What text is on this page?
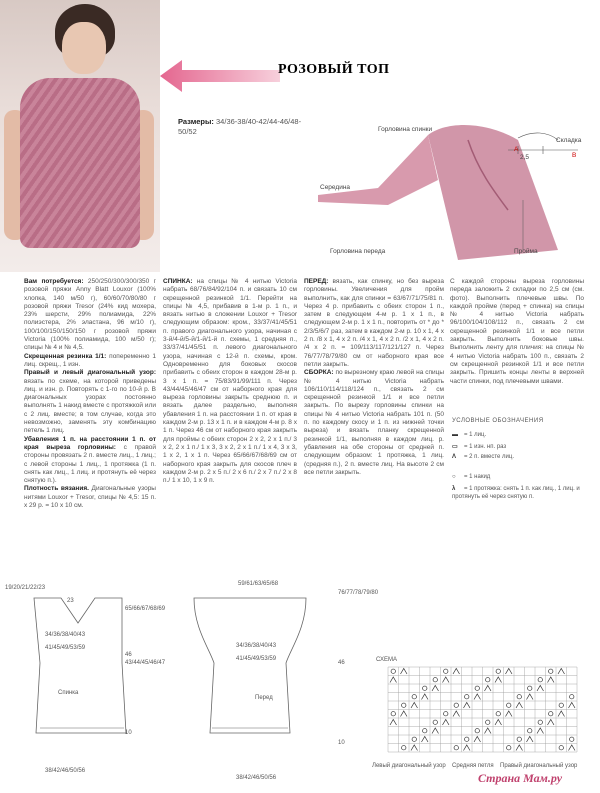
РОЗОВЫЙ ТОП
Размеры: 34/36-38/40-42/44-46/48-50/52	Горловина спинки
Складка
2,5
А
В
Середина
Горловина переда	Пройма
Вам потребуется: 250/250/300/300/350 г розовой пряжи Anny Blatt Louxor (100% хлопка, 140 м/50 г), 60/60/70/80/80 г розовой пряжи Tresor (24% кид мохера, 23% шерсти, 29% полиамида, 22% полиэстера, 2% эластана, 96 м/10 г), 100/100/150/150/150 г розовой пряжи Victoria (100% полиамида, 100 м/50 г); спицы № 4 и № 4,5.
Скрещенная резинка 1/1: попеременно 1 лиц. скрещ., 1 изн.
Правый и левый диагональный узор: вязать по схеме, на которой приведены лиц. и изн. р. Повторять с 1-го по 10-й р. В диагональных узорах постоянно выполнять 1 накид вместе с протяжкой или с 2 лиц. вместе; в том случае, когда это невозможно, заменять эту комбинацию петель 1 лиц.
Убавления 1 п. на расстоянии 1 п. от края выреза горловины: с правой стороны провязать 2 п. вместе лиц., 1 лиц.; с левой стороны 1 лиц., 1 протяжка (1 п. снять как лиц., 1 лиц. и протянуть её через снятую п.).
Плотность вязания. Диагональные узоры нитями Louxor + Tresor, спицы № 4,5: 15 п. х 29 р. = 10 х 10 см.
СПИНКА: на спицы № 4 нитью Victoria набрать 68/76/84/92/104 п. и связать 10 см скрещенной резинкой 1/1. Перейти на спицы № 4,5, прибавив в 1-м р. 1 п., и вязать нитью в сложении Louxor + Tresor следующим образом: кром., 33/37/41/45/51 п. правого диагонального узора, начиная с 3-й/4-й/5-й/1-й/1-й п. схемы, 1 средняя п., 33/37/41/45/51 п. левого диагонального узора, начиная с 12-й п. схемы, кром. Одновременно для боковых скосов прибавить с обеих сторон в каждом 28-м р. 3 х 1 п. = 75/83/91/99/111 п. Через 43/44/45/46/47 см от наборного края для выреза горловины закрыть среднюю п. и вязать далее раздельно, выполняя убавления 1 п. на расстоянии 1 п. от края в каждом 2-м р. 13 х 1 п. и в каждом 4-м р. 8 х 1 п. Через 46 см от наборного края закрыть для проймы с обеих сторон 2 х 2, 2 х 1 п./ 3 х 2, 2 х 1 п./ 1 х 3, 3 х 2, 2 х 1 п./ 1 х 4, 3 х 3, 1 х 2, 1 х 1 п. Через 65/66/67/68/69 см от наборного края закрыть для скосов плеч в каждом 2-м р. 2 х 5 п./ 2 х 6 п./ 2 х 7 п./ 2 х 8 п./ 1 х 10, 1 х 9 п.
ПЕРЕД: вязать, как спинку, но без выреза горловины. Увеличения для пройм выполнить, как для спинки = 63/67/71/75/81 п. Через 4 р. прибавить с обеих сторон 1 п., затем в следующем 4-м р. 1 х 1 п., в следующем 2-м р. 1 х 1 п., повторить от * до * 2/3/5/6/7 раз, затем в каждом 2-м р. 10 х 1, 4 х 2 п. /8 х 1, 4 х 2 п. /4 х 1, 4 х 2 п. /2 х 1, 4 х 2 п. /4 х 2 п. = 109/113/117/121/127 п. Через 76/77/78/79/80 см от наборного края все петли закрыть.
СБОРКА: по вырезному краю левой на спицы № 4 нитью Victoria набрать 106/110/114/118/124 п., связать 2 см скрещенной резинкой 1/1 и все петли закрыть. По вырезу горловины спинки на спицы № 4 нитью Victoria набрать 101 п. (50 п. по каждому скосу и 1 п. из нижней точки выреза) и вязать планку скрещенной резинкой 1/1, выполняя в каждом лиц. р. убавления на обе стороны от средней п. следующим образом: 1 протяжка, 1 лиц. (средняя п.), 2 п. вместе лиц. На высоте 2 см все петли закрыть.
С каждой стороны выреза горловины переда заложить 2 складки по 2,5 см (см. фото). Выполнить плечевые швы. По каждой пройме (перед + спинка) на спицы № 4 нитью Victoria набрать 96/100/104/108/112 п., связать 2 см скрещенной резинкой 1/1 и все петли закрыть. Выполнить боковые швы. Выполнить ленту для пличия: на спицы № 4 нитью Victoria набрать 100 п., связать 2 см скрещенной резинкой 1/1 и все петли закрыть. Пришить концы ленты в верхней части спинки, под плечевыми швами.
УСЛОВНЫЕ ОБОЗНАЧЕНИЯ
▬ = 1 лиц.
▭ = 1 изн. нп. раз
Λ = 2 п. вместе лиц.
○ = 1 накид
λ = 1 протяжка: снять 1 п. как лиц., 1 лиц. и протянуть её через снятую п.
19/20/21/22/23
23
65/66/67/68/69
34/36/38/40/43
41/45/49/53/59
46
43/44/45/46/47
Спинка
10
38/42/46/50/56
59/61/63/65/68
76/77/78/79/80
34/36/38/40/43
41/45/49/53/59
46
Перед
10
38/42/46/50/56
СХЕМА
Левый диагональный узор Средняя петля Правый диагональный узор
Страна Мам.ру
